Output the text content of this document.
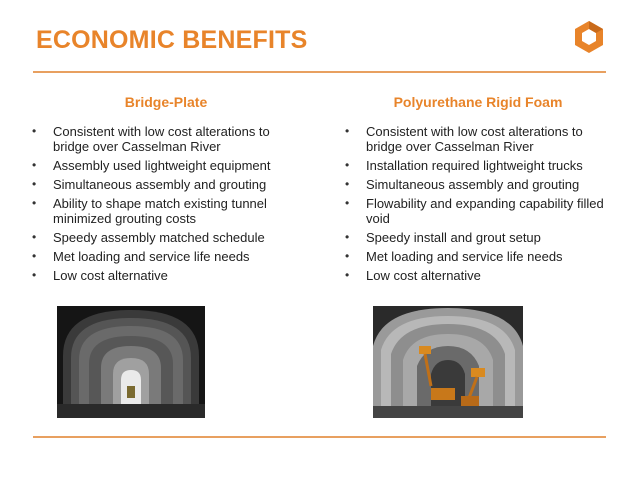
ECONOMIC BENEFITS
Bridge-Plate
• Consistent with low cost alterations to bridge over Casselman River
• Assembly used lightweight equipment
• Simultaneous assembly and grouting
• Ability to shape match existing tunnel minimized grouting costs
• Speedy assembly matched schedule
• Met loading and service life needs
• Low cost alternative
Polyurethane Rigid Foam
• Consistent with low cost alterations to bridge over Casselman River
• Installation required lightweight trucks
• Simultaneous assembly and grouting
• Flowability and expanding capability filled void
• Speedy install and grout setup
• Met loading and service life needs
• Low cost alternative
